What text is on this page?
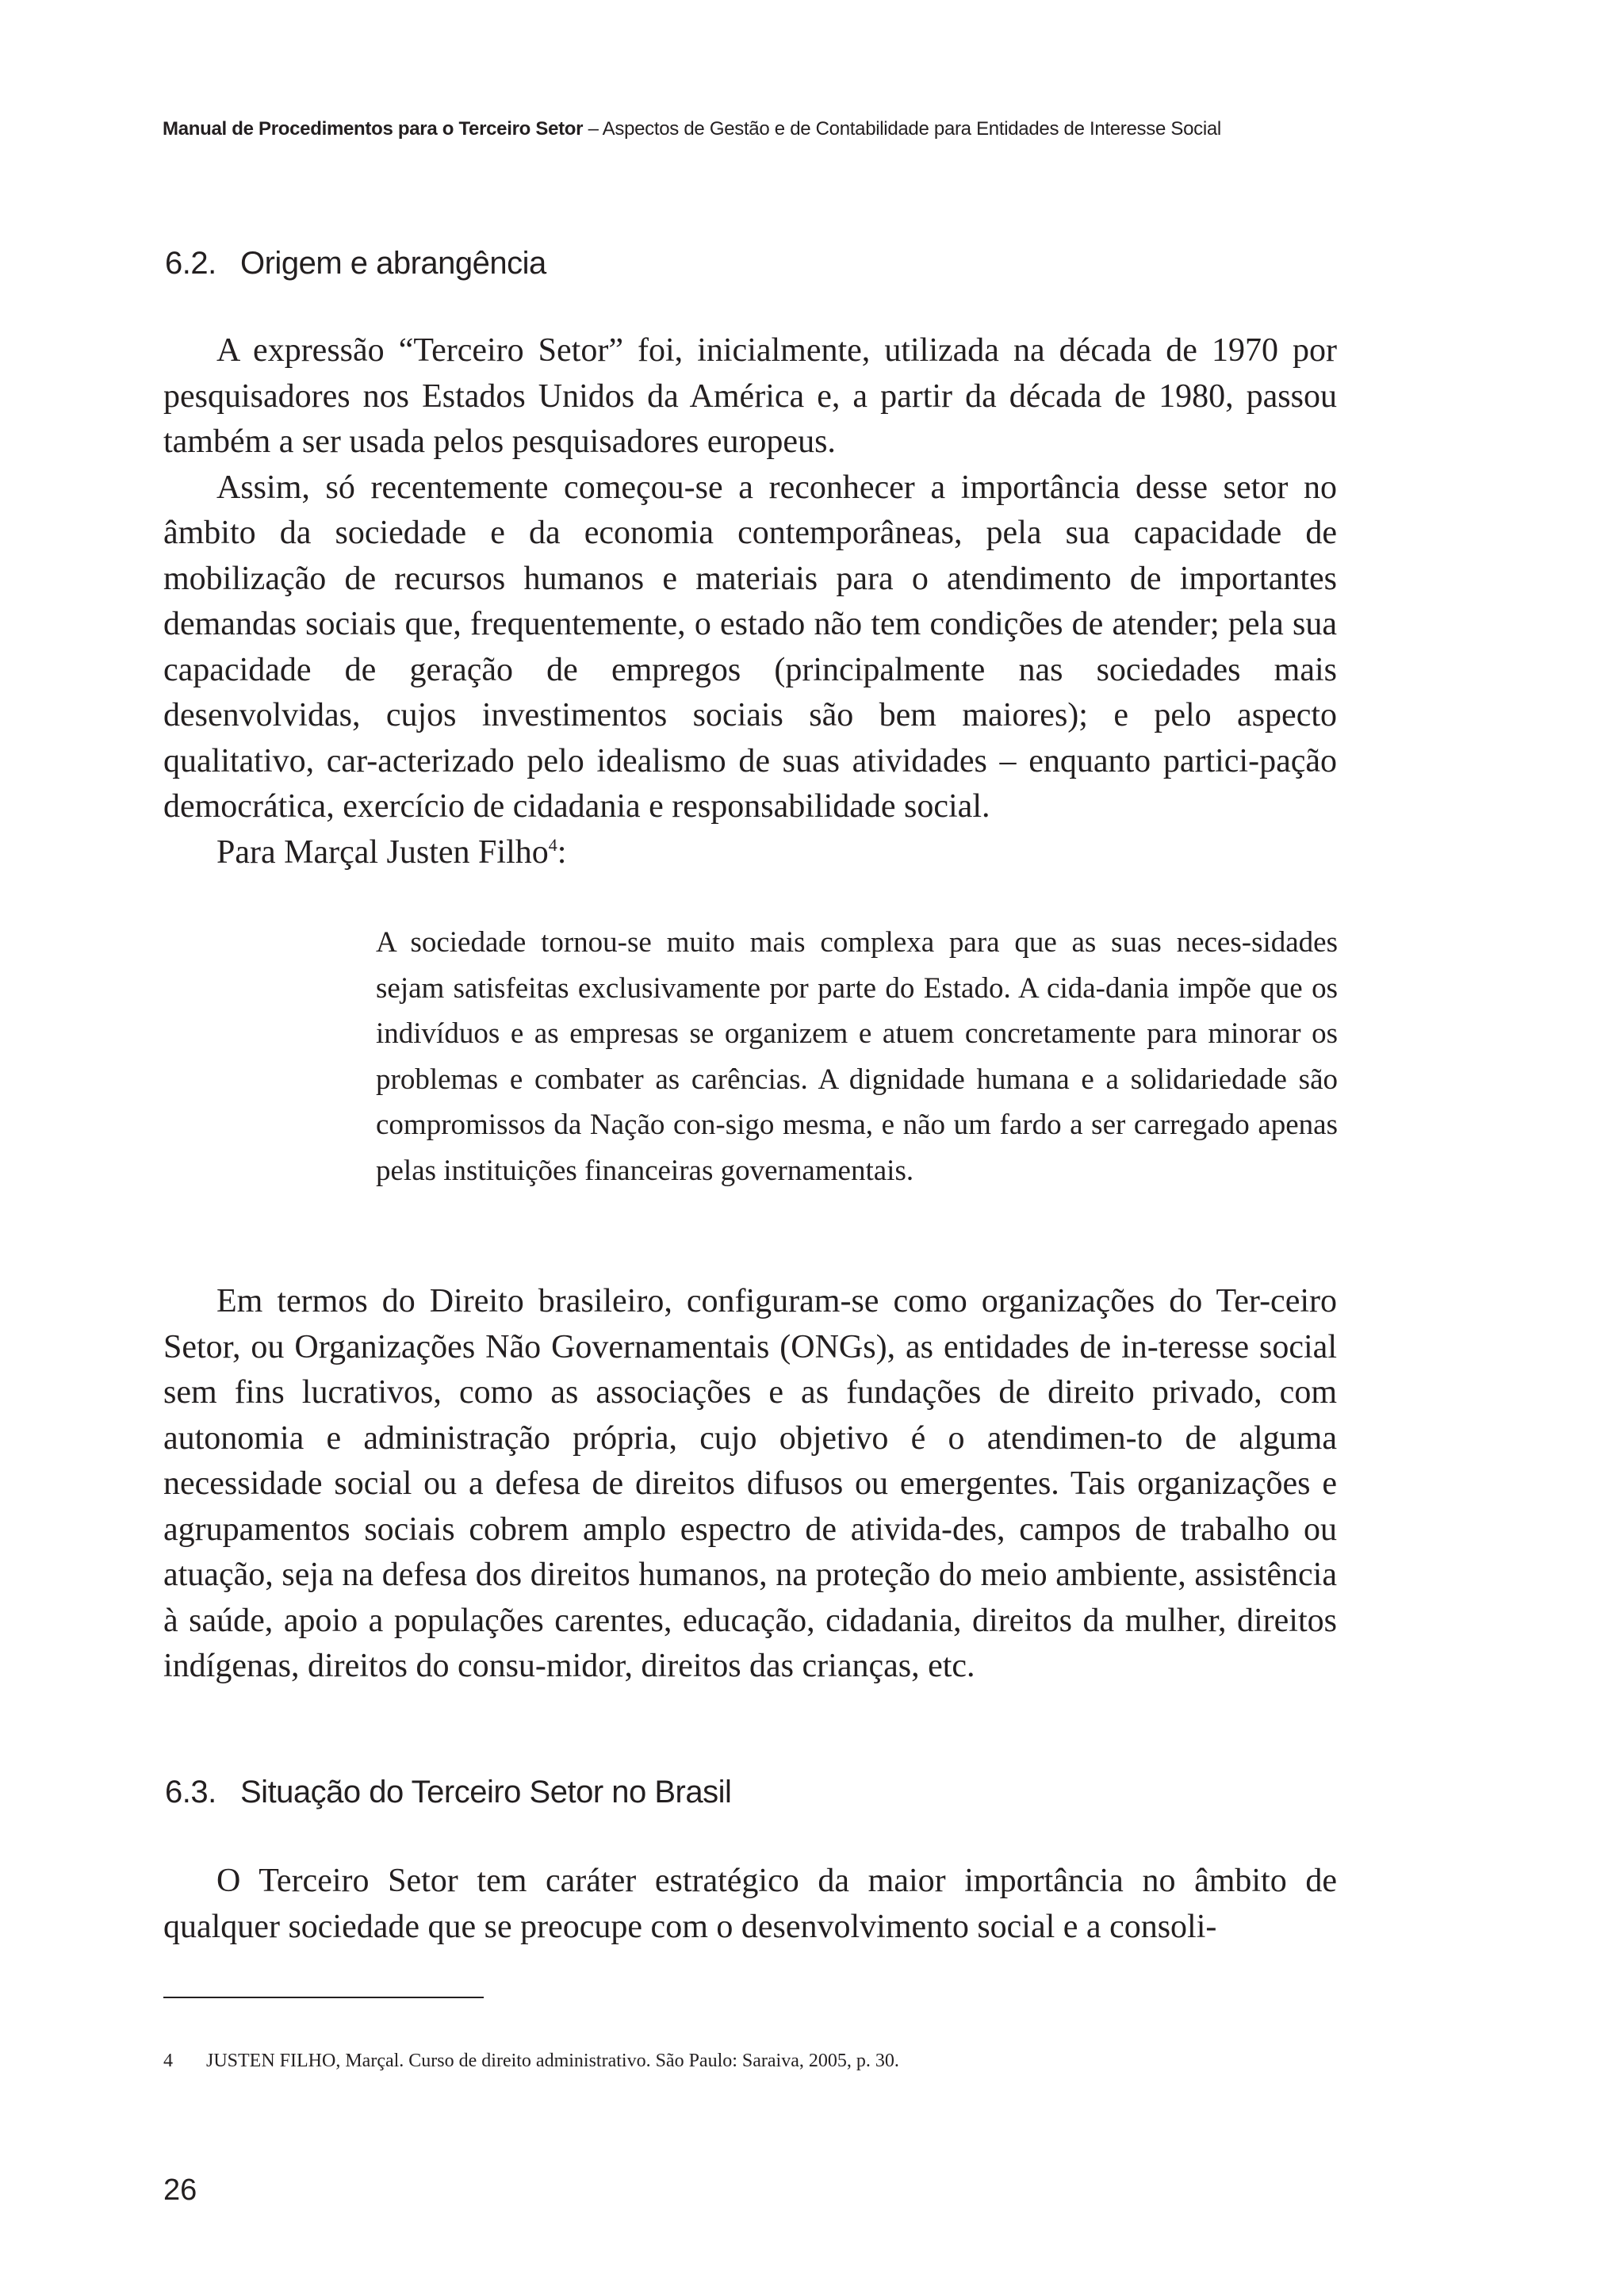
Manual de Procedimentos para o Terceiro Setor – Aspectos de Gestão e de Contabilidade para Entidades de Interesse Social
6.2. Origem e abrangência

A expressão “Terceiro Setor” foi, inicialmente, utilizada na década de 1970 por pesquisadores nos Estados Unidos da América e, a partir da década de 1980, passou também a ser usada pelos pesquisadores europeus.

Assim, só recentemente começou-se a reconhecer a importância desse setor no âmbito da sociedade e da economia contemporâneas, pela sua capacidade de mobilização de recursos humanos e materiais para o atendimento de importantes demandas sociais que, frequentemente, o estado não tem condições de atender; pela sua capacidade de geração de empregos (principalmente nas sociedades mais desenvolvidas, cujos investimentos sociais são bem maiores); e pelo aspecto qualitativo, car-acterizado pelo idealismo de suas atividades – enquanto partici-pação democrática, exercício de cidadania e responsabilidade social.

Para Marçal Justen Filho$^4$:

A sociedade tornou-se muito mais complexa para que as suas neces-sidades sejam satisfeitas exclusivamente por parte do Estado. A cida-dania impõe que os indivíduos e as empresas se organizem e atuem concretamente para minorar os problemas e combater as carências. A dignidade humana e a solidariedade são compromissos da Nação con-sigo mesma, e não um fardo a ser carregado apenas pelas instituições financeiras governamentais.

Em termos do Direito brasileiro, configuram-se como organizações do Ter-ceiro Setor, ou Organizações Não Governamentais (ONGs), as entidades de in-teresse social sem fins lucrativos, como as associações e as fundações de direito privado, com autonomia e administração própria, cujo objetivo é o atendimen-to de alguma necessidade social ou a defesa de direitos difusos ou emergentes. Tais organizações e agrupamentos sociais cobrem amplo espectro de ativida-des, campos de trabalho ou atuação, seja na defesa dos direitos humanos, na proteção do meio ambiente, assistência à saúde, apoio a populações carentes, educação, cidadania, direitos da mulher, direitos indígenas, direitos do consu-midor, direitos das crianças, etc.

6.3. Situação do Terceiro Setor no Brasil

O Terceiro Setor tem caráter estratégico da maior importância no âmbito de qualquer sociedade que se preocupe com o desenvolvimento social e a consoli-

4 JUSTEN FILHO, Marçal. Curso de direito administrativo. São Paulo: Saraiva, 2005, p. 30.
26
